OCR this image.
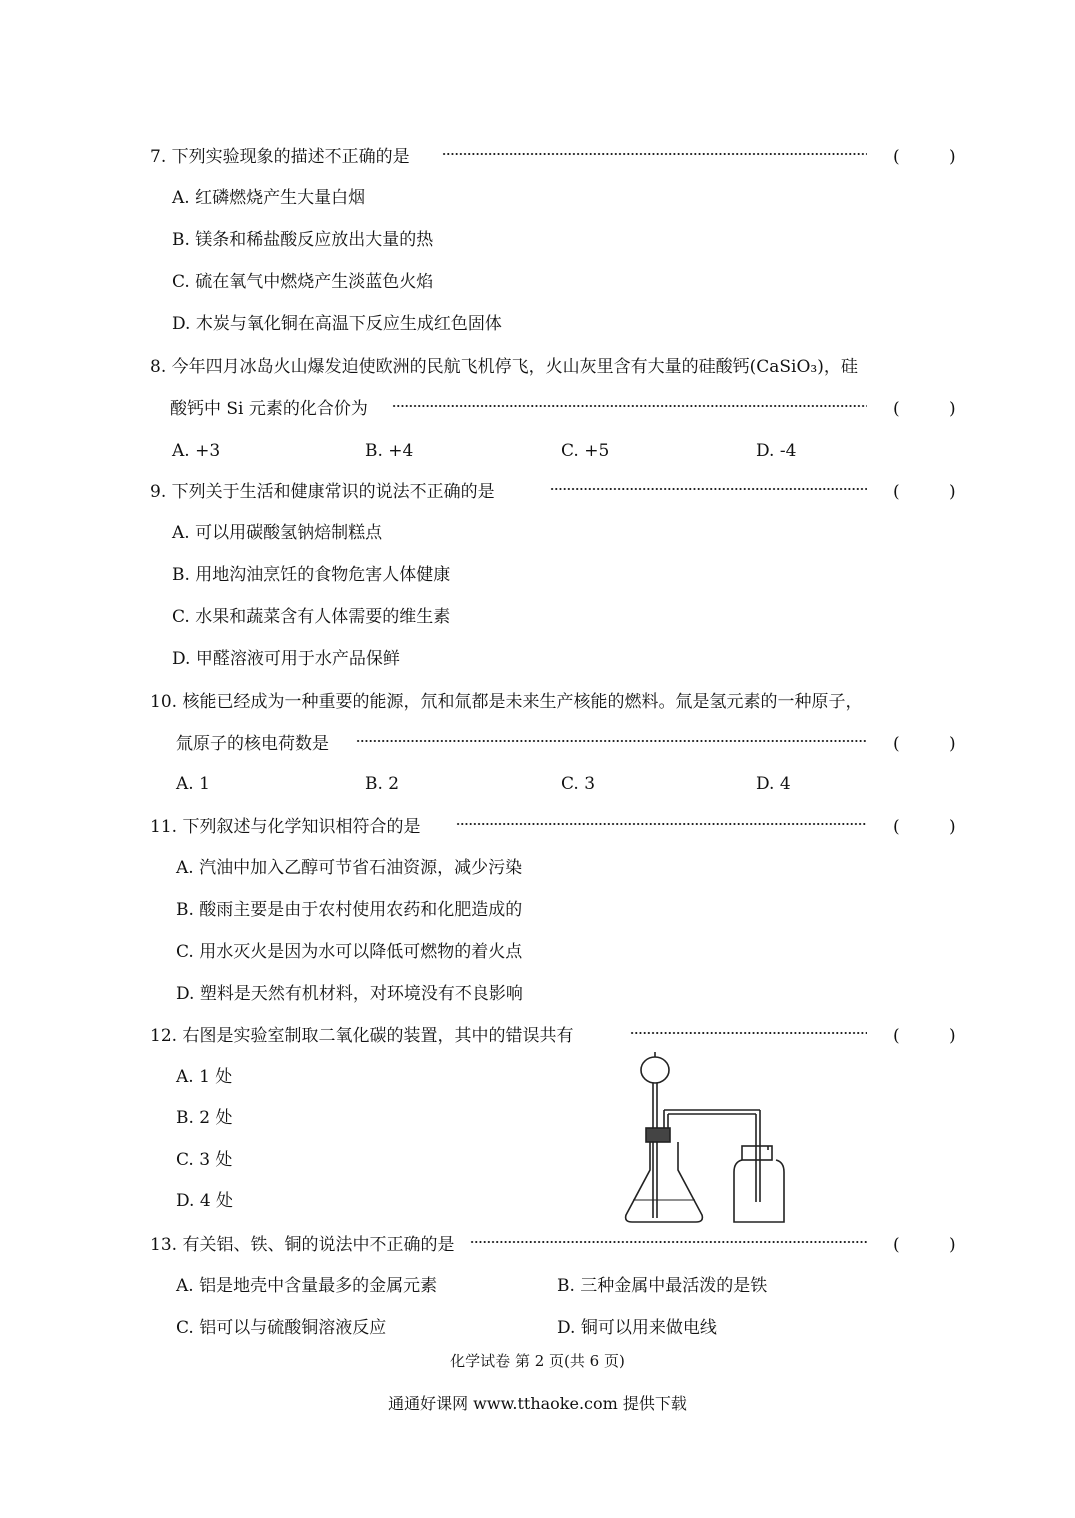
7. 下列实验现象的描述不正确的是	(	)
A. 红磷燃烧产生大量白烟
B. 镁条和稀盐酸反应放出大量的热
C. 硫在氧气中燃烧产生淡蓝色火焰
D. 木炭与氧化铜在高温下反应生成红色固体
8. 今年四月冰岛火山爆发迫使欧洲的民航飞机停飞，火山灰里含有大量的硅酸钙(CaSiO₃)，硅
酸钙中 Si 元素的化合价为	(	)
A. +3	B. +4	C. +5	D. -4
9. 下列关于生活和健康常识的说法不正确的是	(	)
A. 可以用碳酸氢钠焙制糕点
B. 用地沟油烹饪的食物危害人体健康
C. 水果和蔬菜含有人体需要的维生素
D. 甲醛溶液可用于水产品保鲜
10. 核能已经成为一种重要的能源，氘和氚都是未来生产核能的燃料。氚是氢元素的一种原子，
氚原子的核电荷数是	(	)
A. 1	B. 2	C. 3	D. 4
11. 下列叙述与化学知识相符合的是	(	)
A. 汽油中加入乙醇可节省石油资源，减少污染
B. 酸雨主要是由于农村使用农药和化肥造成的
C. 用水灭火是因为水可以降低可燃物的着火点
D. 塑料是天然有机材料，对环境没有不良影响
12. 右图是实验室制取二氧化碳的装置，其中的错误共有	(	)
A. 1 处
B. 2 处
C. 3 处
D. 4 处
13. 有关铝、铁、铜的说法中不正确的是	(	)
A. 铝是地壳中含量最多的金属元素	B. 三种金属中最活泼的是铁
C. 铝可以与硫酸铜溶液反应	D. 铜可以用来做电线
化学试卷 第 2 页(共 6 页)
通通好课网 www.tthaoke.com 提供下载
